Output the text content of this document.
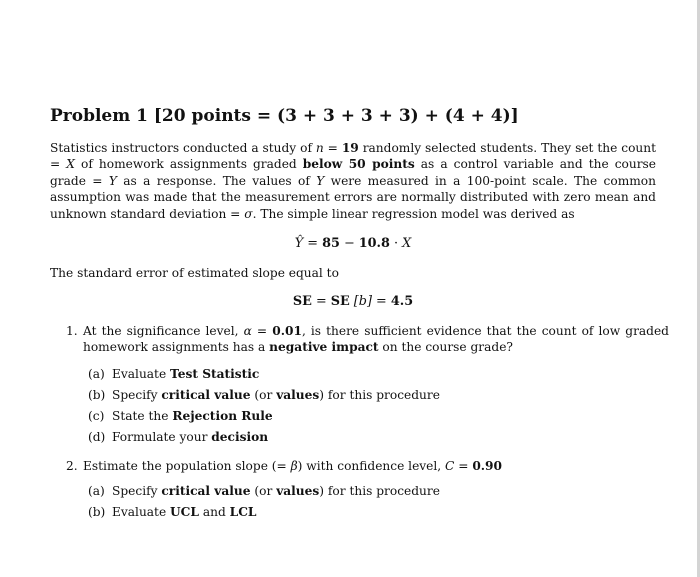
Problem 1 [20 points = (3 + 3 + 3 + 3) + (4 + 4)]

Statistics instructors conducted a study of n = 19 randomly selected students. They set the count = X of homework assignments graded below 50 points as a control variable and the course grade = Y as a response. The values of Y were measured in a 100-point scale. The common assumption was made that the measurement errors are normally distributed with zero mean and unknown standard deviation = σ. The simple linear regression model was derived as

Ŷ = 85 − 10.8 · X
The standard error of estimated slope equal to
SE = SE [b] = 4.5
1. At the significance level, α = 0.01, is there sufficient evidence that the count of low graded homework assignments has a negative impact on the course grade?
(a) Evaluate Test Statistic
(b) Specify critical value (or values) for this procedure
(c) State the Rejection Rule
(d) Formulate your decision
2. Estimate the population slope (= β) with confidence level, C = 0.90
(a) Specify critical value (or values) for this procedure
(b) Evaluate UCL and LCL
